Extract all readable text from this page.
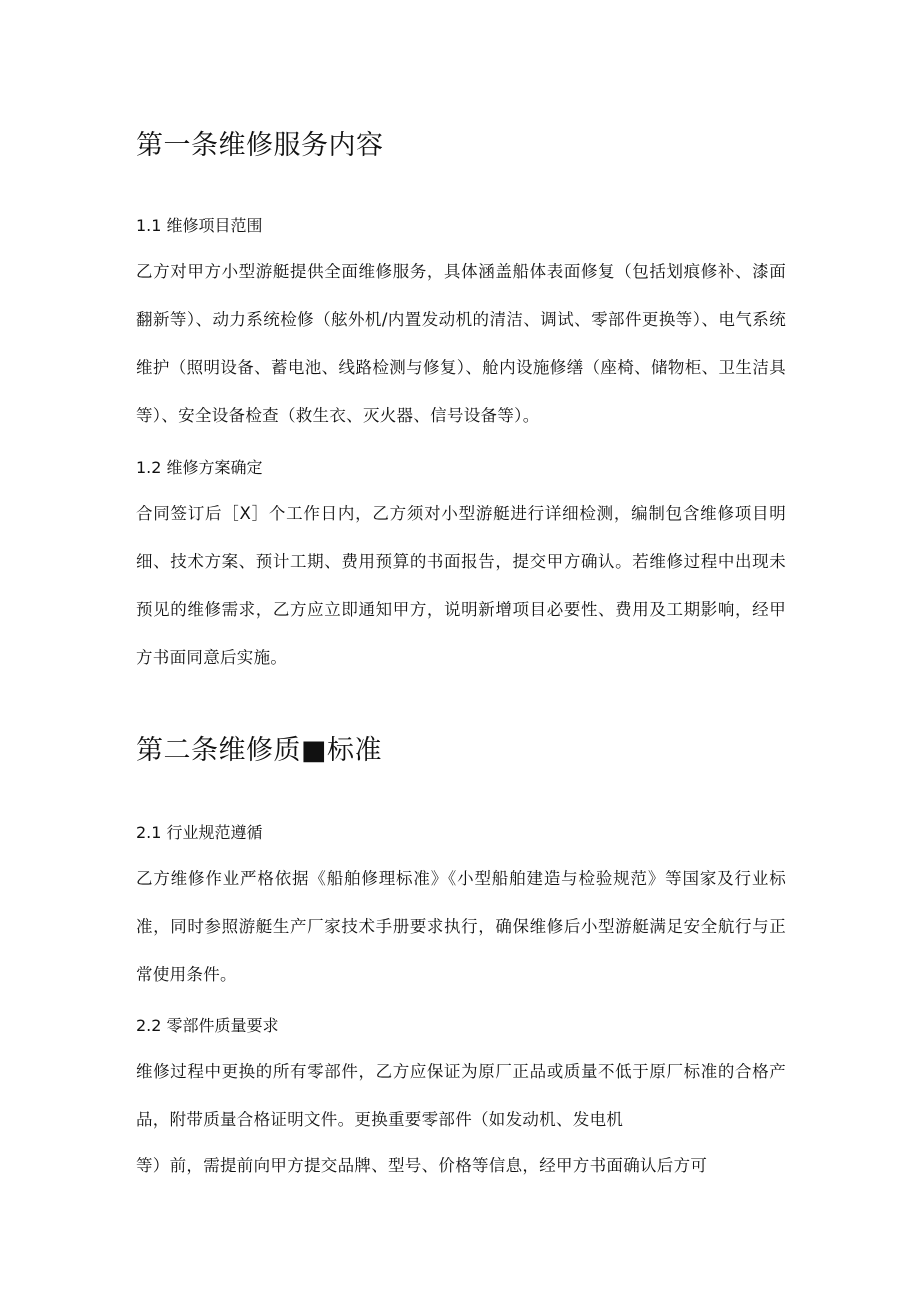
第一条维修服务内容
1.1 维修项目范围

乙方对甲方小型游艇提供全面维修服务，具体涵盖船体表面修复（包括划痕修补、漆面翻新等）、动力系统检修（舷外机/内置发动机的清洁、调试、零部件更换等）、电气系统维护（照明设备、蓄电池、线路检测与修复）、舱内设施修缮（座椅、储物柜、卫生洁具等）、安全设备检查（救生衣、灭火器、信号设备等）。

1.2 维修方案确定

合同签订后［X］个工作日内，乙方须对小型游艇进行详细检测，编制包含维修项目明细、技术方案、预计工期、费用预算的书面报告，提交甲方确认。若维修过程中出现未预见的维修需求，乙方应立即通知甲方，说明新增项目必要性、费用及工期影响，经甲方书面同意后实施。

第二条维修质■标准
2.1 行业规范遵循

乙方维修作业严格依据《船舶修理标准》《小型船舶建造与检验规范》等国家及行业标准，同时参照游艇生产厂家技术手册要求执行，确保维修后小型游艇满足安全航行与正常使用条件。

2.2 零部件质量要求

维修过程中更换的所有零部件，乙方应保证为原厂正品或质量不低于原厂标准的合格产品，附带质量合格证明文件。更换重要零部件（如发动机、发电机

等）前，需提前向甲方提交品牌、型号、价格等信息，经甲方书面确认后方可
